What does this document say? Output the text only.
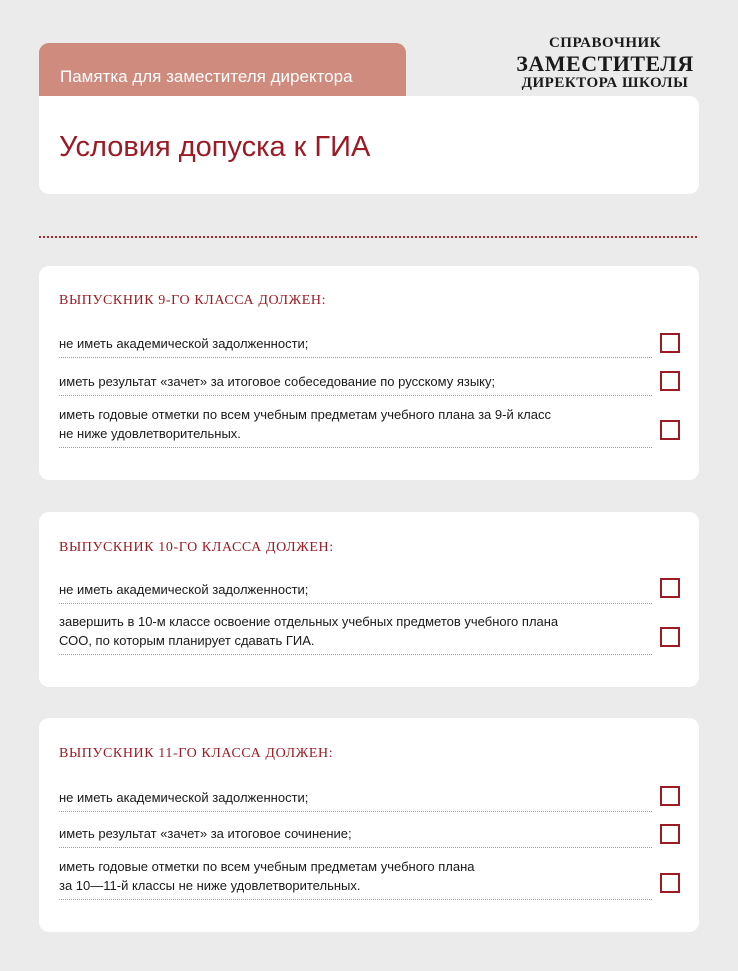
Памятка для заместителя директора
СПРАВОЧНИК
ЗАМЕСТИТЕЛЯ
ДИРЕКТОРА ШКОЛЫ
Условия допуска к ГИА
ВЫПУСКНИК 9-ГО КЛАССА ДОЛЖЕН:
не иметь академической задолженности;
иметь результат «зачет» за итоговое собеседование по русскому языку;
иметь годовые отметки по всем учебным предметам учебного плана за 9-й класс
не ниже удовлетворительных.
ВЫПУСКНИК 10-ГО КЛАССА ДОЛЖЕН:
не иметь академической задолженности;
завершить в 10-м классе освоение отдельных учебных предметов учебного плана
СОО, по которым планирует сдавать ГИА.
ВЫПУСКНИК 11-ГО КЛАССА ДОЛЖЕН:
не иметь академической задолженности;
иметь результат «зачет» за итоговое сочинение;
иметь годовые отметки по всем учебным предметам учебного плана
за 10—11-й классы не ниже удовлетворительных.
